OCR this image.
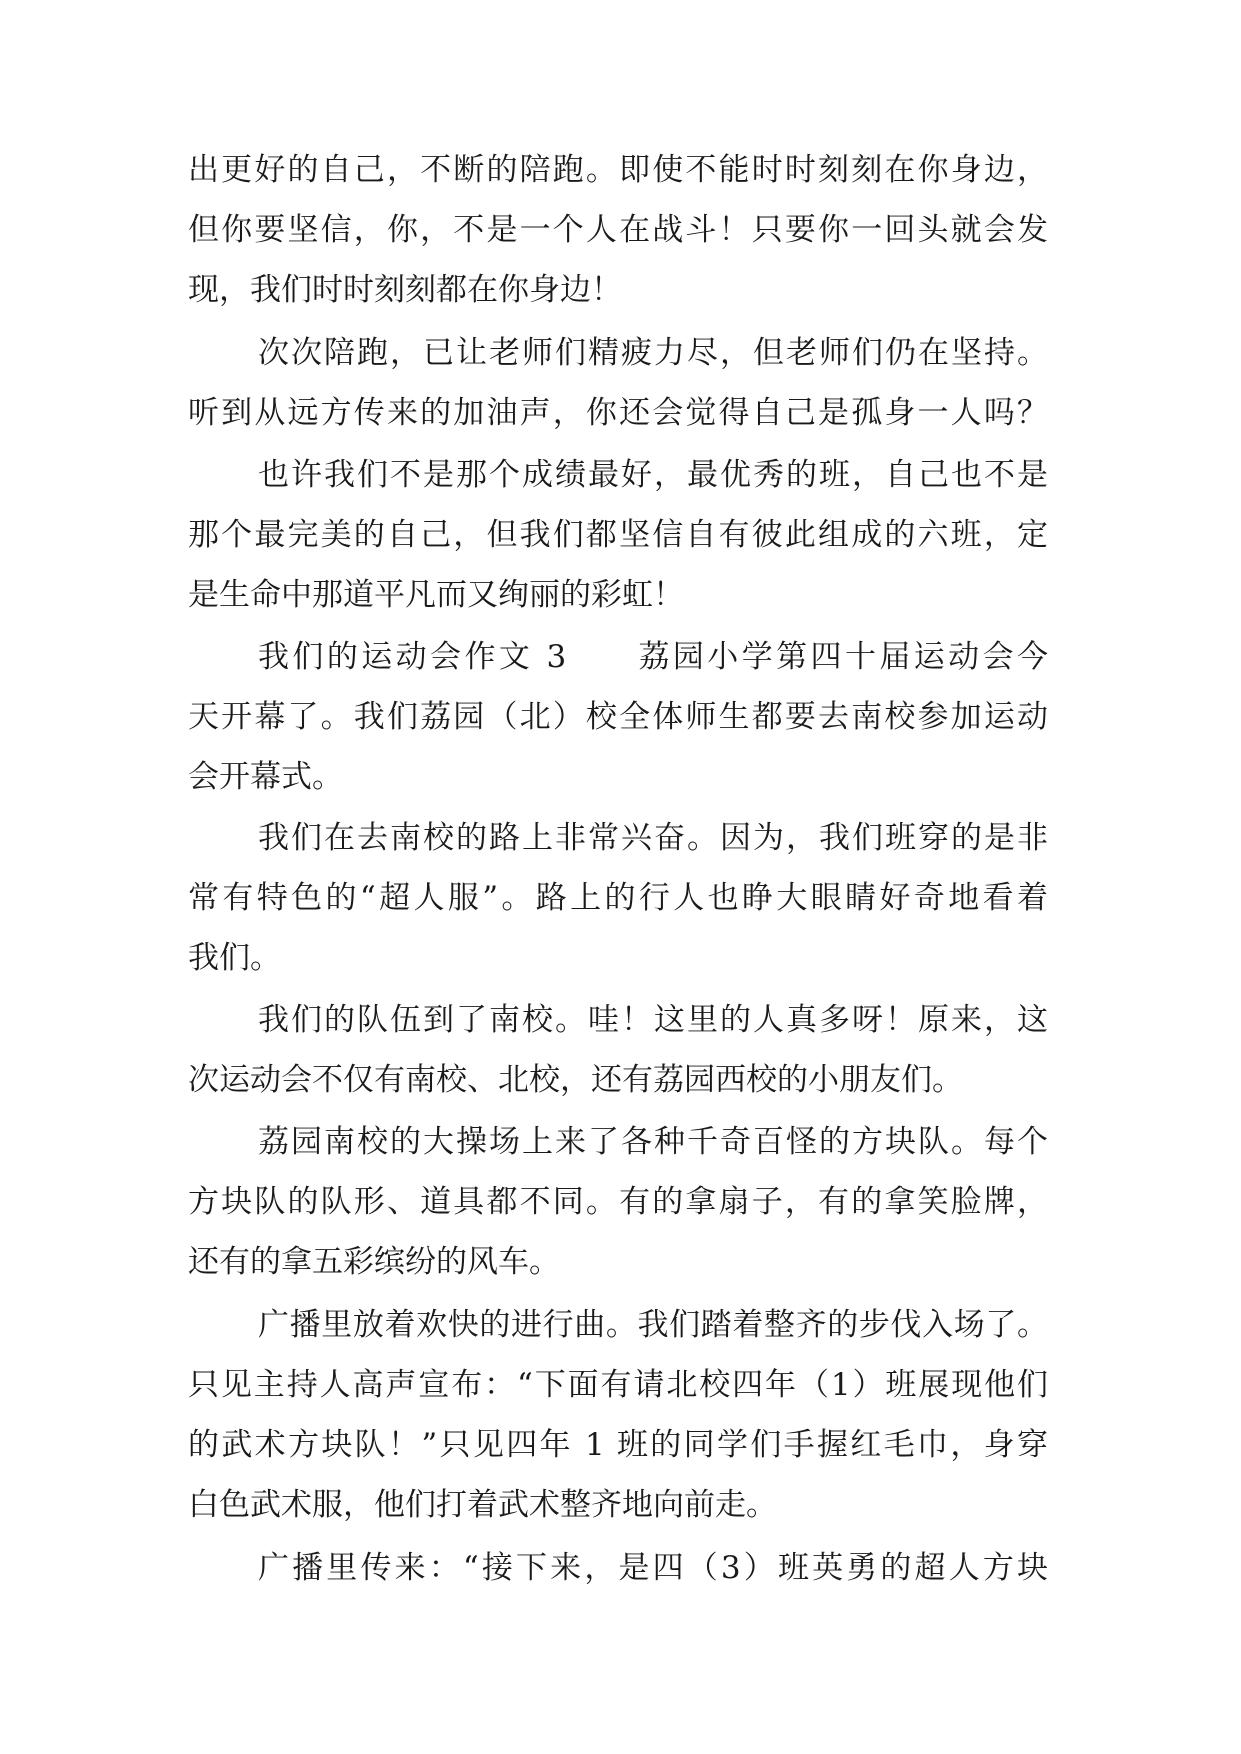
出更好的自己，不断的陪跑。即使不能时时刻刻在你身边，
但你要坚信，你，不是一个人在战斗！只要你一回头就会发
现，我们时时刻刻都在你身边！
次次陪跑，已让老师们精疲力尽，但老师们仍在坚持。
听到从远方传来的加油声，你还会觉得自己是孤身一人吗？
也许我们不是那个成绩最好，最优秀的班，自己也不是
那个最完美的自己，但我们都坚信自有彼此组成的六班，定
是生命中那道平凡而又绚丽的彩虹！
我们的运动会作文 3　　荔园小学第四十届运动会今
天开幕了。我们荔园（北）校全体师生都要去南校参加运动
会开幕式。
我们在去南校的路上非常兴奋。因为，我们班穿的是非
常有特色的“超人服”。路上的行人也睁大眼睛好奇地看着
我们。
我们的队伍到了南校。哇！这里的人真多呀！原来，这
次运动会不仅有南校、北校，还有荔园西校的小朋友们。
荔园南校的大操场上来了各种千奇百怪的方块队。每个
方块队的队形、道具都不同。有的拿扇子，有的拿笑脸牌，
还有的拿五彩缤纷的风车。
广播里放着欢快的进行曲。我们踏着整齐的步伐入场了。
只见主持人高声宣布：“下面有请北校四年（1）班展现他们
的武术方块队！”只见四年 1 班的同学们手握红毛巾，身穿
白色武术服，他们打着武术整齐地向前走。
广播里传来：“接下来，是四（3）班英勇的超人方块
